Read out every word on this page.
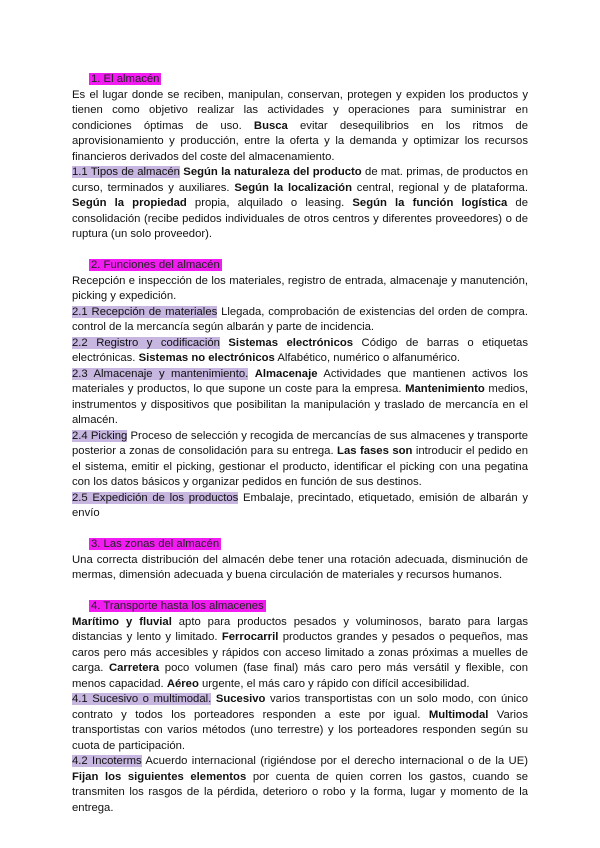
1. El almacén

Es el lugar donde se reciben, manipulan, conservan, protegen y expiden los productos y tienen como objetivo realizar las actividades y operaciones para suministrar en condiciones óptimas de uso. Busca evitar desequilibrios en los ritmos de aprovisionamiento y producción, entre la oferta y la demanda y optimizar los recursos financieros derivados del coste del almacenamiento.

1.1 Tipos de almacén Según la naturaleza del producto de mat. primas, de productos en curso, terminados y auxiliares. Según la localización central, regional y de plataforma. Según la propiedad propia, alquilado o leasing. Según la función logística de consolidación (recibe pedidos individuales de otros centros y diferentes proveedores) o de ruptura (un solo proveedor).

2. Funciones del almacén

Recepción e inspección de los materiales, registro de entrada, almacenaje y manutención, picking y expedición.

2.1 Recepción de materiales Llegada, comprobación de existencias del orden de compra. control de la mercancía según albarán y parte de incidencia.

2.2 Registro y codificación Sistemas electrónicos Código de barras o etiquetas electrónicas. Sistemas no electrónicos Alfabético, numérico o alfanumérico.

2.3 Almacenaje y mantenimiento. Almacenaje Actividades que mantienen activos los materiales y productos, lo que supone un coste para la empresa. Mantenimiento medios, instrumentos y dispositivos que posibilitan la manipulación y traslado de mercancía en el almacén.

2.4 Picking Proceso de selección y recogida de mercancías de sus almacenes y transporte posterior a zonas de consolidación para su entrega. Las fases son introducir el pedido en el sistema, emitir el picking, gestionar el producto, identificar el picking con una pegatina con los datos básicos y organizar pedidos en función de sus destinos.

2.5 Expedición de los productos Embalaje, precintado, etiquetado, emisión de albarán y envío

3. Las zonas del almacén

Una correcta distribución del almacén debe tener una rotación adecuada, disminución de mermas, dimensión adecuada y buena circulación de materiales y recursos humanos.

4. Transporte hasta los almacenes

Marítimo y fluvial apto para productos pesados y voluminosos, barato para largas distancias y lento y limitado. Ferrocarril productos grandes y pesados o pequeños, mas caros pero más accesibles y rápidos con acceso limitado a zonas próximas a muelles de carga. Carretera poco volumen (fase final) más caro pero más versátil y flexible, con menos capacidad. Aéreo urgente, el más caro y rápido con difícil accesibilidad.

4.1 Sucesivo o multimodal. Sucesivo varios transportistas con un solo modo, con único contrato y todos los porteadores responden a este por igual. Multimodal Varios transportistas con varios métodos (uno terrestre) y los porteadores responden según su cuota de participación.

4.2 Incoterms Acuerdo internacional (rigiéndose por el derecho internacional o de la UE) Fijan los siguientes elementos por cuenta de quien corren los gastos, cuando se transmiten los rasgos de la pérdida, deterioro o robo y la forma, lugar y momento de la entrega.
